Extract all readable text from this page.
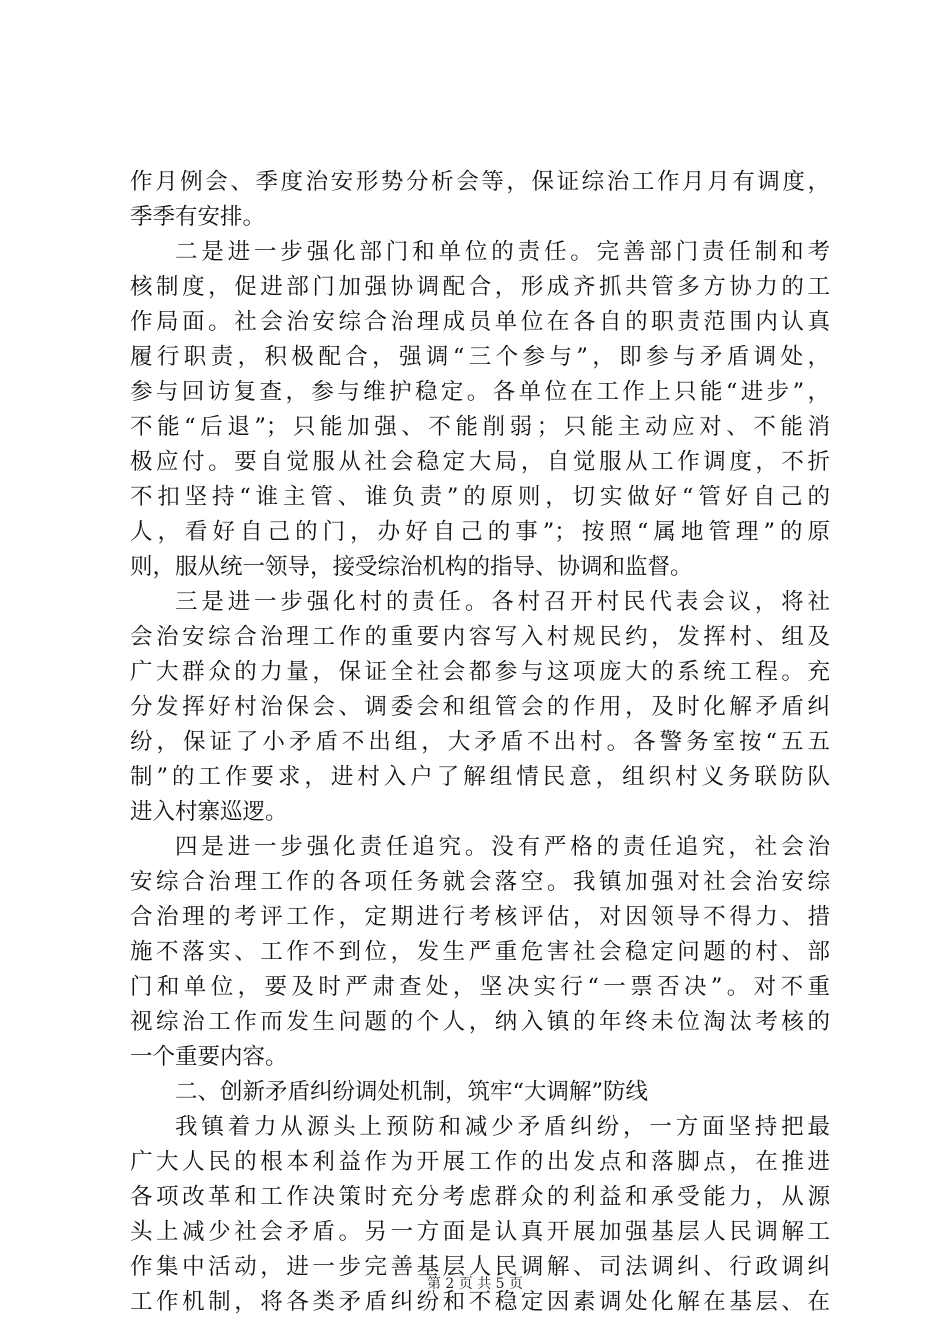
作月例会、季度治安形势分析会等，保证综治工作月月有调度，
季季有安排。
二是进一步强化部门和单位的责任。完善部门责任制和考
核制度，促进部门加强协调配合，形成齐抓共管多方协力的工
作局面。社会治安综合治理成员单位在各自的职责范围内认真
履行职责，积极配合，强调“三个参与”，即参与矛盾调处，
参与回访复查，参与维护稳定。各单位在工作上只能“进步”，
不能“后退”；只能加强、不能削弱；只能主动应对、不能消
极应付。要自觉服从社会稳定大局，自觉服从工作调度，不折
不扣坚持“谁主管、谁负责”的原则，切实做好“管好自己的
人，看好自己的门，办好自己的事”；按照“属地管理”的原
则，服从统一领导，接受综治机构的指导、协调和监督。
三是进一步强化村的责任。各村召开村民代表会议，将社
会治安综合治理工作的重要内容写入村规民约，发挥村、组及
广大群众的力量，保证全社会都参与这项庞大的系统工程。充
分发挥好村治保会、调委会和组管会的作用，及时化解矛盾纠
纷，保证了小矛盾不出组，大矛盾不出村。各警务室按“五五
制”的工作要求，进村入户了解组情民意，组织村义务联防队
进入村寨巡逻。
四是进一步强化责任追究。没有严格的责任追究，社会治
安综合治理工作的各项任务就会落空。我镇加强对社会治安综
合治理的考评工作，定期进行考核评估，对因领导不得力、措
施不落实、工作不到位，发生严重危害社会稳定问题的村、部
门和单位，要及时严肃查处，坚决实行“一票否决”。对不重
视综治工作而发生问题的个人，纳入镇的年终未位淘汰考核的
一个重要内容。
二、创新矛盾纠纷调处机制，筑牢“大调解”防线
我镇着力从源头上预防和减少矛盾纠纷，一方面坚持把最
广大人民的根本利益作为开展工作的出发点和落脚点，在推进
各项改革和工作决策时充分考虑群众的利益和承受能力，从源
头上减少社会矛盾。另一方面是认真开展加强基层人民调解工
作集中活动，进一步完善基层人民调解、司法调纠、行政调纠
工作机制，将各类矛盾纠纷和不稳定因素调处化解在基层、在
第 2 页 共 5 页
